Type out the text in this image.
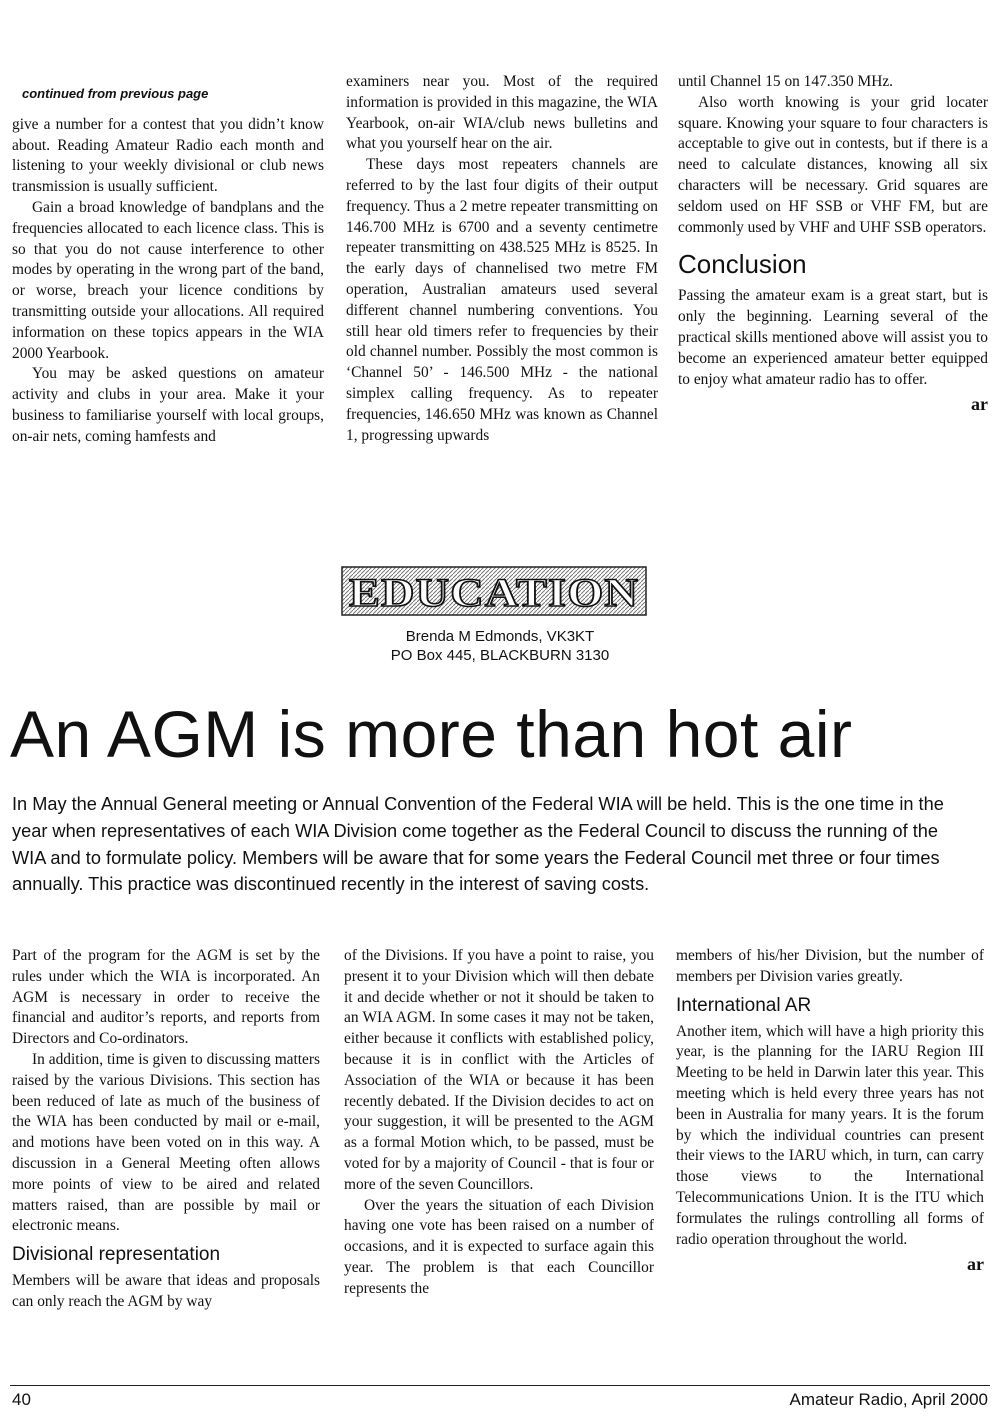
continued from previous page

give a number for a contest that you didn’t know about. Reading Amateur Radio each month and listening to your weekly divisional or club news transmission is usually sufficient.

Gain a broad knowledge of bandplans and the frequencies allocated to each licence class. This is so that you do not cause interference to other modes by operating in the wrong part of the band, or worse, breach your licence conditions by transmitting outside your allocations. All required information on these topics appears in the WIA 2000 Yearbook.

You may be asked questions on amateur activity and clubs in your area. Make it your business to familiarise yourself with local groups, on-air nets, coming hamfests and

examiners near you. Most of the required information is provided in this magazine, the WIA Yearbook, on-air WIA/club news bulletins and what you yourself hear on the air.

These days most repeaters channels are referred to by the last four digits of their output frequency. Thus a 2 metre repeater transmitting on 146.700 MHz is 6700 and a seventy centimetre repeater transmitting on 438.525 MHz is 8525. In the early days of channelised two metre FM operation, Australian amateurs used several different channel numbering conventions. You still hear old timers refer to frequencies by their old channel number. Possibly the most common is ‘Channel 50’ - 146.500 MHz - the national simplex calling frequency. As to repeater frequencies, 146.650 MHz was known as Channel 1, progressing upwards

until Channel 15 on 147.350 MHz.

Also worth knowing is your grid locater square. Knowing your square to four characters is acceptable to give out in contests, but if there is a need to calculate distances, knowing all six characters will be necessary. Grid squares are seldom used on HF SSB or VHF FM, but are commonly used by VHF and UHF SSB operators.

Conclusion

Passing the amateur exam is a great start, but is only the beginning. Learning several of the practical skills mentioned above will assist you to become an experienced amateur better equipped to enjoy what amateur radio has to offer.

ar
EDUCATION
Brenda M Edmonds, VK3KT
PO Box 445, BLACKBURN 3130
An AGM is more than hot air
In May the Annual General meeting or Annual Convention of the Federal WIA will be held. This is the one time in the year when representatives of each WIA Division come together as the Federal Council to discuss the running of the WIA and to formulate policy. Members will be aware that for some years the Federal Council met three or four times annually. This practice was discontinued recently in the interest of saving costs.

Part of the program for the AGM is set by the rules under which the WIA is incorporated. An AGM is necessary in order to receive the financial and auditor’s reports, and reports from Directors and Co-ordinators.

In addition, time is given to discussing matters raised by the various Divisions. This section has been reduced of late as much of the business of the WIA has been conducted by mail or e-mail, and motions have been voted on in this way. A discussion in a General Meeting often allows more points of view to be aired and related matters raised, than are possible by mail or electronic means.

Divisional representation

Members will be aware that ideas and proposals can only reach the AGM by way

of the Divisions. If you have a point to raise, you present it to your Division which will then debate it and decide whether or not it should be taken to an WIA AGM. In some cases it may not be taken, either because it conflicts with established policy, because it is in conflict with the Articles of Association of the WIA or because it has been recently debated. If the Division decides to act on your suggestion, it will be presented to the AGM as a formal Motion which, to be passed, must be voted for by a majority of Council - that is four or more of the seven Councillors.

Over the years the situation of each Division having one vote has been raised on a number of occasions, and it is expected to surface again this year. The problem is that each Councillor represents the

members of his/her Division, but the number of members per Division varies greatly.

International AR

Another item, which will have a high priority this year, is the planning for the IARU Region III Meeting to be held in Darwin later this year. This meeting which is held every three years has not been in Australia for many years. It is the forum by which the individual countries can present their views to the IARU which, in turn, can carry those views to the International Telecommunications Union. It is the ITU which formulates the rulings controlling all forms of radio operation throughout the world.

ar
40	Amateur Radio, April 2000
